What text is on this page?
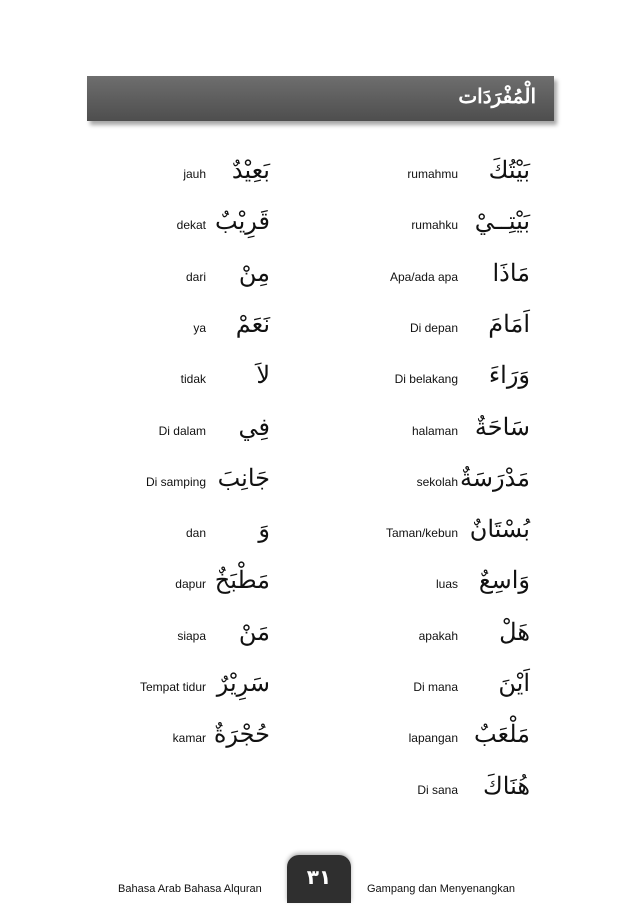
الْمُفْرَدَات
بَيْتُكَ
rumahmu
بَيْتِــيْ
rumahku
مَاذَا
Apa/ada apa
اَمَامَ
Di depan
وَرَاءَ
Di belakang
سَاحَةٌ
halaman
مَدْرَسَةٌ
sekolah
بُسْتَانٌ
Taman/kebun
وَاسِعٌ
luas
هَلْ
apakah
اَيْنَ
Di mana
مَلْعَبٌ
lapangan
هُنَاكَ
Di sana
بَعِيْدٌ
jauh
قَرِيْبٌ
dekat
مِنْ
dari
نَعَمْ
ya
لاَ
tidak
فِي
Di dalam
جَانِبَ
Di samping
وَ
dan
مَطْبَخٌ
dapur
مَنْ
siapa
سَرِيْرٌ
Tempat tidur
حُجْرَةٌ
kamar
Bahasa Arab Bahasa Alquran	٣١	Gampang dan Menyenangkan
